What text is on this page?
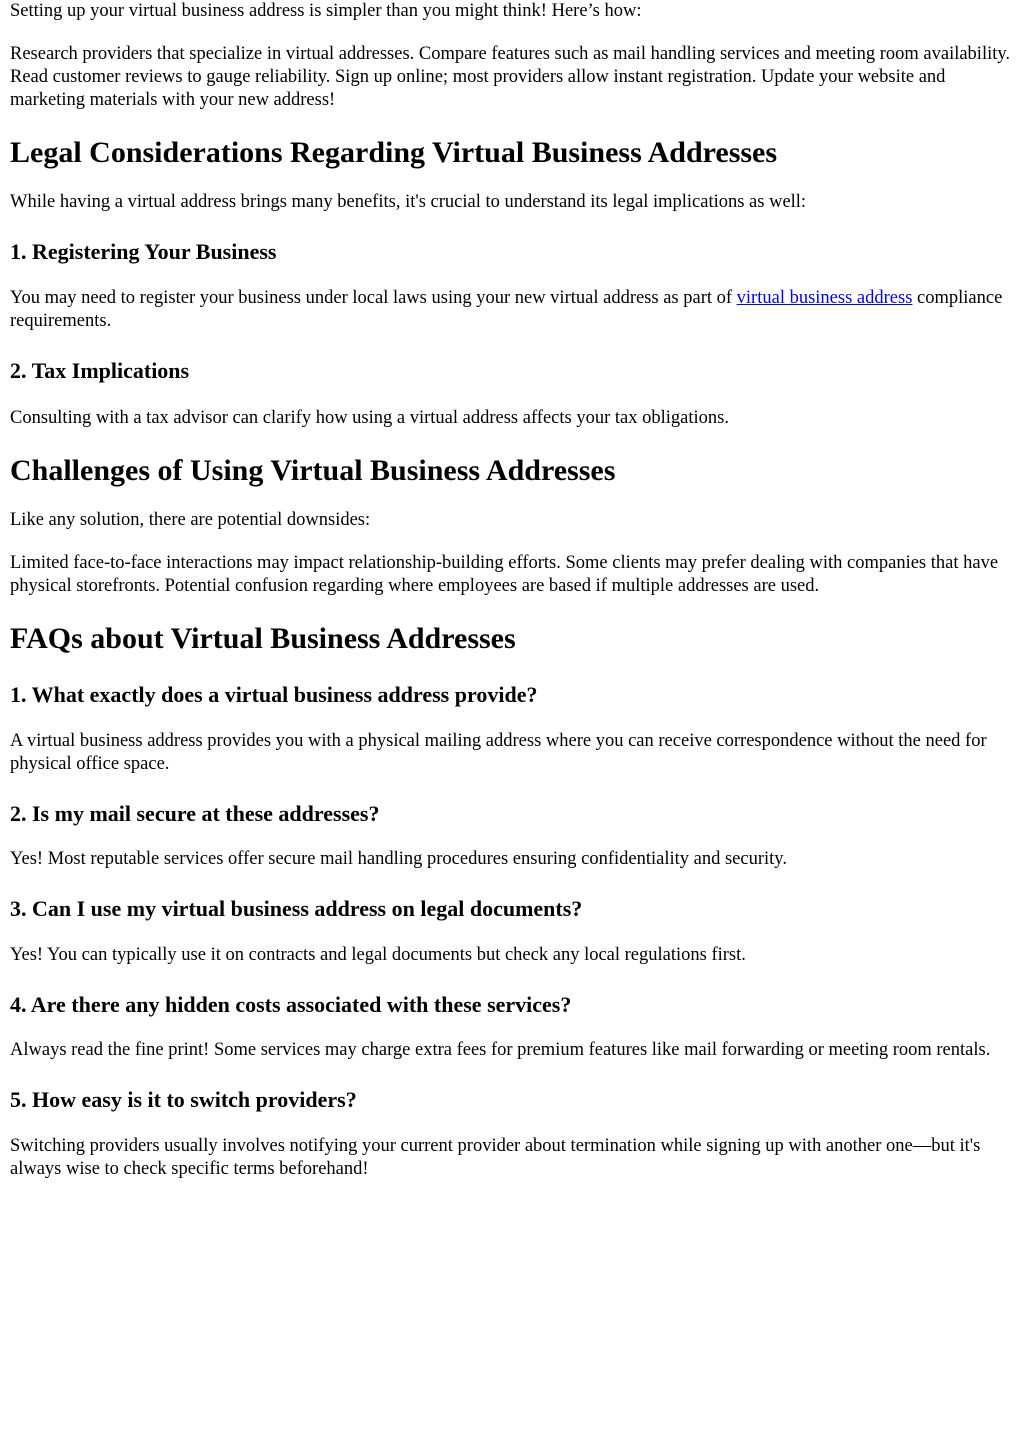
Setting up your virtual business address is simpler than you might think! Here’s how:

Research providers that specialize in virtual addresses. Compare features such as mail handling services and meeting room availability. Read customer reviews to gauge reliability. Sign up online; most providers allow instant registration. Update your website and marketing materials with your new address!

Legal Considerations Regarding Virtual Business Addresses

While having a virtual address brings many benefits, it's crucial to understand its legal implications as well:

1. Registering Your Business

You may need to register your business under local laws using your new virtual address as part of virtual business address compliance requirements.

2. Tax Implications

Consulting with a tax advisor can clarify how using a virtual address affects your tax obligations.

Challenges of Using Virtual Business Addresses

Like any solution, there are potential downsides:

Limited face-to-face interactions may impact relationship-building efforts. Some clients may prefer dealing with companies that have physical storefronts. Potential confusion regarding where employees are based if multiple addresses are used.

FAQs about Virtual Business Addresses
1. What exactly does a virtual business address provide?

A virtual business address provides you with a physical mailing address where you can receive correspondence without the need for physical office space.

2. Is my mail secure at these addresses?

Yes! Most reputable services offer secure mail handling procedures ensuring confidentiality and security.

3. Can I use my virtual business address on legal documents?

Yes! You can typically use it on contracts and legal documents but check any local regulations first.

4. Are there any hidden costs associated with these services?

Always read the fine print! Some services may charge extra fees for premium features like mail forwarding or meeting room rentals.

5. How easy is it to switch providers?

Switching providers usually involves notifying your current provider about termination while signing up with another one—but it's always wise to check specific terms beforehand!
